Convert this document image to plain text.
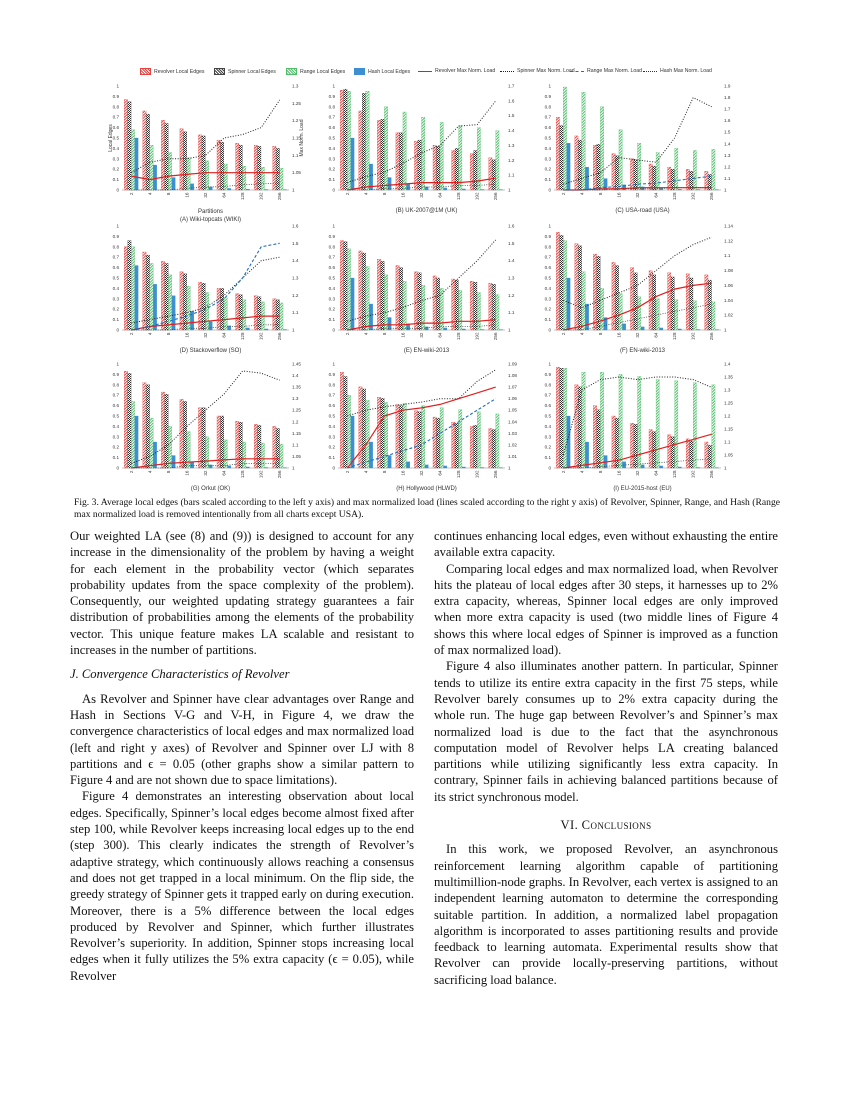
Revolver Local Edges	Spinner Local Edges	Range Local Edges	Hash Local Edges	Revolver Max Norm. Load	Spinner Max Norm. Load Range Max Norm. Load	Hash Max Norm. Load
0
0.1
0.2
0.3
0.4
0.5
0.6
0.7
0.8
0.9
1
1
1.05
1.1
1.15
1.2
1.25
1.3
2	4	8	16	32	64	128	192	256
Local Edges	Max Norm. Load
Partitions
(A) Wiki-topcats (WIKI)
0
0.1
0.2
0.3
0.4
0.5
0.6
0.7
0.8
0.9
1
1
1.1
1.2
1.3
1.4
1.5
1.6
1.7
2	4	8	16	32	64	128	192	256
(B) UK-2007@1M (UK)
0
0.1
0.2
0.3
0.4
0.5
0.6
0.7
0.8
0.9
1
1
1.1
1.2
1.3
1.4
1.5
1.6
1.7
1.8
1.9
2	4	8	16	32	64	128	192	256
(C) USA-road (USA)
0
0.1
0.2
0.3
0.4
0.5
0.6
0.7
0.8
0.9
1
1
1.1
1.2
1.3
1.4
1.5
1.6
2	4	8	16	32	64	128	192	256
(D) Stackoverflow (SO)
0
0.1
0.2
0.3
0.4
0.5
0.6
0.7
0.8
0.9
1
1
1.1
1.2
1.3
1.4
1.5
1.6
2	4	8	16	32	64	128	192	256
(E) EN-wiki-2013
0
0.1
0.2
0.3
0.4
0.5
0.6
0.7
0.8
0.9
1
1
1.02
1.04
1.06
1.08
1.1
1.12
1.14
2	4	8	16	32	64	128	192	256
(F) EN-wiki-2013
0
0.1
0.2
0.3
0.4
0.5
0.6
0.7
0.8
0.9
1
1
1.05
1.1
1.15
1.2
1.25
1.3
1.35
1.4
1.45
2	4	8	16	32	64	128	192	256
(G) Orkut (OK)
0
0.1
0.2
0.3
0.4
0.5
0.6
0.7
0.8
0.9
1
1
1.01
1.02
1.03
1.04
1.05
1.06
1.07
1.08
1.09
2	4	8	16	32	64	128	192	256
(H) Hollywood (HLWD)
0
0.1
0.2
0.3
0.4
0.5
0.6
0.7
0.8
0.9
1
1
1.05
1.1
1.15
1.2
1.25
1.3
1.35
1.4
2	4	8	16	32	64	128	192	256
(I) EU-2015-host (EU)
Fig. 3. Average local edges (bars scaled according to the left y axis) and max normalized load (lines scaled according to the right y axis) of Revolver, Spinner, Range, and Hash (Range max normalized load is removed intentionally from all charts except USA).

Our weighted LA (see (8) and (9)) is designed to account for any increase in the dimensionality of the problem by having a weight for each element in the probability vector (which separates probability updates from the space complexity of the problem). Consequently, our weighted updating strategy guarantees a fair distribution of probabilities among the elements of the probability vector. This unique feature makes LA scalable and resistant to increases in the number of partitions.

J. Convergence Characteristics of Revolver

As Revolver and Spinner have clear advantages over Range and Hash in Sections V-G and V-H, in Figure 4, we draw the convergence characteristics of local edges and max normalized load (left and right y axes) of Revolver and Spinner over LJ with 8 partitions and ϵ = 0.05 (other graphs show a similar pattern to Figure 4 and are not shown due to space limitations).

Figure 4 demonstrates an interesting observation about local edges. Specifically, Spinner’s local edges become almost fixed after step 100, while Revolver keeps increasing local edges up to the end (step 300). This clearly indicates the strength of Revolver’s adaptive strategy, which continuously allows reaching a consensus and does not get trapped in a local minimum. On the flip side, the greedy strategy of Spinner gets it trapped early on during execution. Moreover, there is a 5% difference between the local edges produced by Revolver and Spinner, which further illustrates Revolver’s superiority. In addition, Spinner stops increasing local edges when it fully utilizes the 5% extra capacity (ϵ = 0.05), while Revolver

continues enhancing local edges, even without exhausting the entire available extra capacity.

Comparing local edges and max normalized load, when Revolver hits the plateau of local edges after 30 steps, it harnesses up to 2% extra capacity, whereas, Spinner local edges are only improved when more extra capacity is used (two middle lines of Figure 4 shows this where local edges of Spinner is improved as a function of max normalized load).

Figure 4 also illuminates another pattern. In particular, Spinner tends to utilize its entire extra capacity in the first 75 steps, while Revolver barely consumes up to 2% extra capacity during the whole run. The huge gap between Revolver’s and Spinner’s max normalized load is due to the fact that the asynchronous computation model of Revolver helps LA creating balanced partitions while utilizing significantly less extra capacity. In contrary, Spinner fails in achieving balanced partitions because of its strict synchronous model.

VI. Conclusions

In this work, we proposed Revolver, an asynchronous reinforcement learning algorithm capable of partitioning multimillion-node graphs. In Revolver, each vertex is assigned to an independent learning automaton to determine the corresponding suitable partition. In addition, a normalized label propagation algorithm is incorporated to asses partitioning results and provide feedback to learning automata. Experimental results show that Revolver can provide locally-preserving partitions, without sacrificing load balance.
